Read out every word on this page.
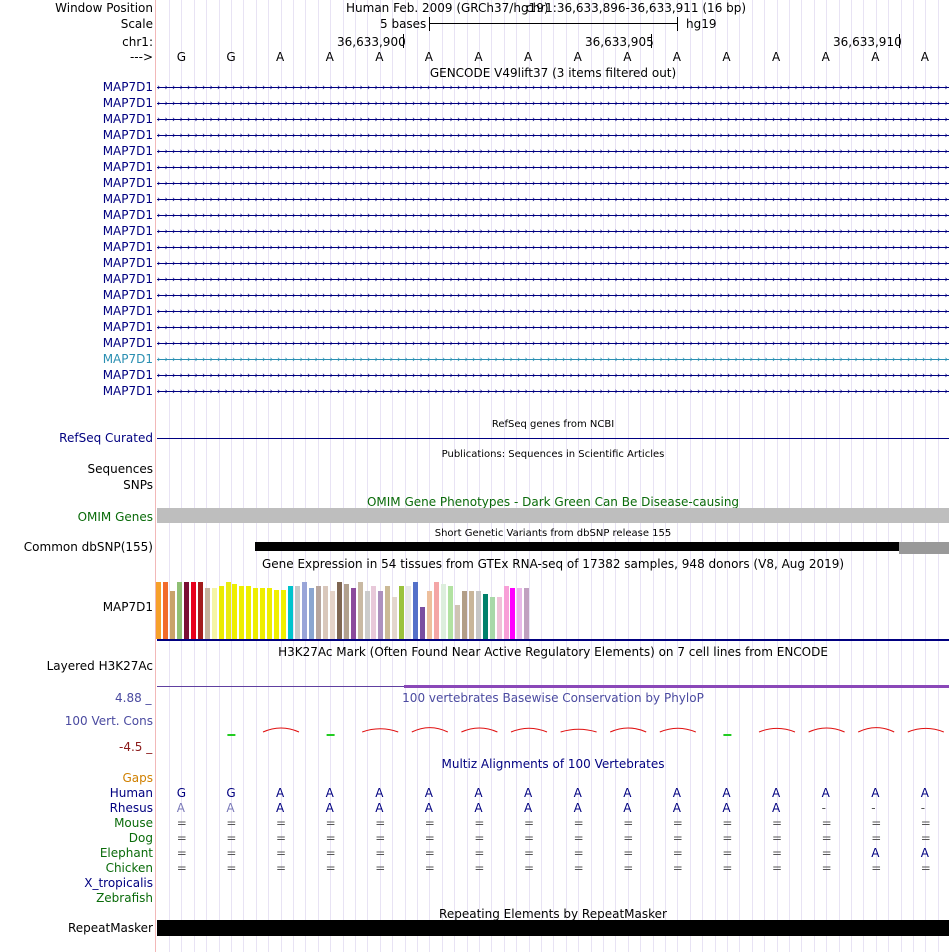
Window Position	Human Feb. 2009 (GRCh37/hg19)
chr1:36,633,896-36,633,911 (16 bp)
Scale	5 bases	hg19
chr1:	36,633,900	36,633,905	36,633,910
---> G	G	A	A	A	A	A	A	A	A	A	A	A	A	A	A
GENCODE V49lift37 (3 items filtered out)
MAP7D1 › › › › › › › › › › › › › › › › › › › › › › › › › › › › › › › › › › › › › › › › › › › › › › › › › › › › › › › › › › › › › › › › › › › › › › › › › › › › › › › › › › › › › › › › › › › › › › › › › › › › › › › › › ›
MAP7D1 › › › › › › › › › › › › › › › › › › › › › › › › › › › › › › › › › › › › › › › › › › › › › › › › › › › › › › › › › › › › › › › › › › › › › › › › › › › › › › › › › › › › › › › › › › › › › › › › › › › › › › › › › ›
MAP7D1 › › › › › › › › › › › › › › › › › › › › › › › › › › › › › › › › › › › › › › › › › › › › › › › › › › › › › › › › › › › › › › › › › › › › › › › › › › › › › › › › › › › › › › › › › › › › › › › › › › › › › › › › › ›
MAP7D1 › › › › › › › › › › › › › › › › › › › › › › › › › › › › › › › › › › › › › › › › › › › › › › › › › › › › › › › › › › › › › › › › › › › › › › › › › › › › › › › › › › › › › › › › › › › › › › › › › › › › › › › › › ›
MAP7D1 › › › › › › › › › › › › › › › › › › › › › › › › › › › › › › › › › › › › › › › › › › › › › › › › › › › › › › › › › › › › › › › › › › › › › › › › › › › › › › › › › › › › › › › › › › › › › › › › › › › › › › › › › ›
MAP7D1 › › › › › › › › › › › › › › › › › › › › › › › › › › › › › › › › › › › › › › › › › › › › › › › › › › › › › › › › › › › › › › › › › › › › › › › › › › › › › › › › › › › › › › › › › › › › › › › › › › › › › › › › › ›
MAP7D1 › › › › › › › › › › › › › › › › › › › › › › › › › › › › › › › › › › › › › › › › › › › › › › › › › › › › › › › › › › › › › › › › › › › › › › › › › › › › › › › › › › › › › › › › › › › › › › › › › › › › › › › › › ›
MAP7D1 › › › › › › › › › › › › › › › › › › › › › › › › › › › › › › › › › › › › › › › › › › › › › › › › › › › › › › › › › › › › › › › › › › › › › › › › › › › › › › › › › › › › › › › › › › › › › › › › › › › › › › › › › ›
MAP7D1 › › › › › › › › › › › › › › › › › › › › › › › › › › › › › › › › › › › › › › › › › › › › › › › › › › › › › › › › › › › › › › › › › › › › › › › › › › › › › › › › › › › › › › › › › › › › › › › › › › › › › › › › › ›
MAP7D1 › › › › › › › › › › › › › › › › › › › › › › › › › › › › › › › › › › › › › › › › › › › › › › › › › › › › › › › › › › › › › › › › › › › › › › › › › › › › › › › › › › › › › › › › › › › › › › › › › › › › › › › › › ›
MAP7D1 › › › › › › › › › › › › › › › › › › › › › › › › › › › › › › › › › › › › › › › › › › › › › › › › › › › › › › › › › › › › › › › › › › › › › › › › › › › › › › › › › › › › › › › › › › › › › › › › › › › › › › › › › ›
MAP7D1 › › › › › › › › › › › › › › › › › › › › › › › › › › › › › › › › › › › › › › › › › › › › › › › › › › › › › › › › › › › › › › › › › › › › › › › › › › › › › › › › › › › › › › › › › › › › › › › › › › › › › › › › › ›
MAP7D1 › › › › › › › › › › › › › › › › › › › › › › › › › › › › › › › › › › › › › › › › › › › › › › › › › › › › › › › › › › › › › › › › › › › › › › › › › › › › › › › › › › › › › › › › › › › › › › › › › › › › › › › › › ›
MAP7D1 › › › › › › › › › › › › › › › › › › › › › › › › › › › › › › › › › › › › › › › › › › › › › › › › › › › › › › › › › › › › › › › › › › › › › › › › › › › › › › › › › › › › › › › › › › › › › › › › › › › › › › › › › ›
MAP7D1 › › › › › › › › › › › › › › › › › › › › › › › › › › › › › › › › › › › › › › › › › › › › › › › › › › › › › › › › › › › › › › › › › › › › › › › › › › › › › › › › › › › › › › › › › › › › › › › › › › › › › › › › › ›
MAP7D1 › › › › › › › › › › › › › › › › › › › › › › › › › › › › › › › › › › › › › › › › › › › › › › › › › › › › › › › › › › › › › › › › › › › › › › › › › › › › › › › › › › › › › › › › › › › › › › › › › › › › › › › › › ›
MAP7D1 › › › › › › › › › › › › › › › › › › › › › › › › › › › › › › › › › › › › › › › › › › › › › › › › › › › › › › › › › › › › › › › › › › › › › › › › › › › › › › › › › › › › › › › › › › › › › › › › › › › › › › › › › ›
MAP7D1 › › › › › › › › › › › › › › › › › › › › › › › › › › › › › › › › › › › › › › › › › › › › › › › › › › › › › › › › › › › › › › › › › › › › › › › › › › › › › › › › › › › › › › › › › › › › › › › › › › › › › › › › › ›
MAP7D1 › › › › › › › › › › › › › › › › › › › › › › › › › › › › › › › › › › › › › › › › › › › › › › › › › › › › › › › › › › › › › › › › › › › › › › › › › › › › › › › › › › › › › › › › › › › › › › › › › › › › › › › › › ›
MAP7D1 › › › › › › › › › › › › › › › › › › › › › › › › › › › › › › › › › › › › › › › › › › › › › › › › › › › › › › › › › › › › › › › › › › › › › › › › › › › › › › › › › › › › › › › › › › › › › › › › › › › › › › › › › ›
RefSeq genes from NCBI
RefSeq Curated
Publications: Sequences in Scientific Articles
Sequences
SNPs
OMIM Gene Phenotypes - Dark Green Can Be Disease-causing
OMIM Genes
Short Genetic Variants from dbSNP release 155
Common dbSNP(155)
Gene Expression in 54 tissues from GTEx RNA-seq of 17382 samples, 948 donors (V8, Aug 2019)
MAP7D1
H3K27Ac Mark (Often Found Near Active Regulatory Elements) on 7 cell lines from ENCODE
Layered H3K27Ac
4.88 _	100 vertebrates Basewise Conservation by PhyloP
100 Vert. Cons
-4.5 _
Multiz Alignments of 100 Vertebrates
Gaps
Human G	G	A	A	A	A	A	A	A	A	A	A	A	A	A	A
Rhesus A	A	A	A	A	A	A	A	A	A	A	A	A	-	-	-
Mouse =	=	=	=	=	=	=	=	=	=	=	=	=	=	=	=
Dog =	=	=	=	=	=	=	=	=	=	=	=	=	=	=	=
Elephant =	=	=	=	=	=	=	=	=	=	=	=	=	=	A	A
Chicken =	=	=	=	=	=	=	=	=	=	=	=	=	=	=	=
X_tropicalis
Zebrafish
Repeating Elements by RepeatMasker
RepeatMasker
